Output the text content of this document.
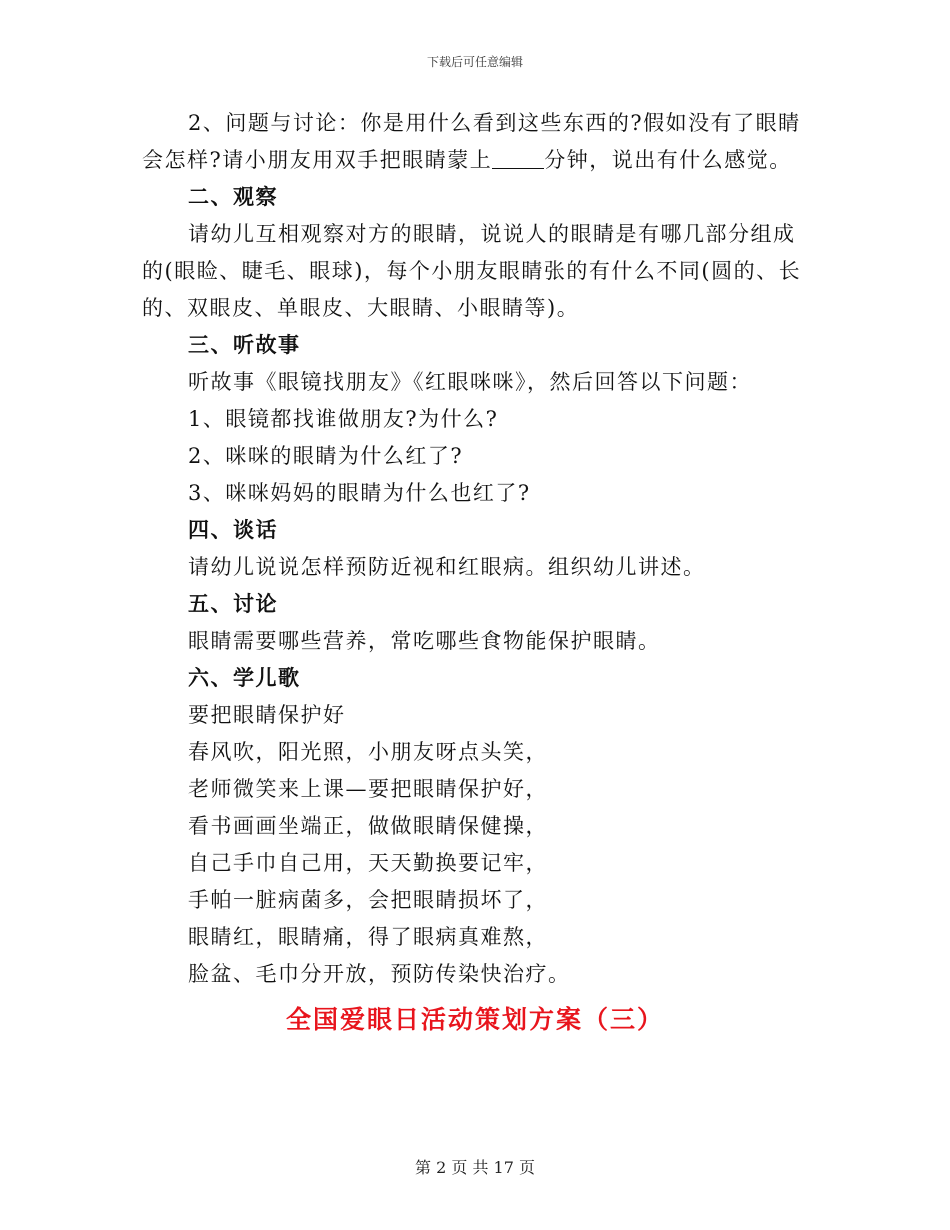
下载后可任意编辑

2、问题与讨论：你是用什么看到这些东西的?假如没有了眼睛会怎样?请小朋友用双手把眼睛蒙上 分钟，说出有什么感觉。

二、观察

请幼儿互相观察对方的眼睛，说说人的眼睛是有哪几部分组成的(眼睑、睫毛、眼球)，每个小朋友眼睛张的有什么不同(圆的、长的、双眼皮、单眼皮、大眼睛、小眼睛等)。

三、听故事

听故事《眼镜找朋友》《红眼咪咪》，然后回答以下问题：

1、眼镜都找谁做朋友?为什么?

2、咪咪的眼睛为什么红了?

3、咪咪妈妈的眼睛为什么也红了?

四、谈话

请幼儿说说怎样预防近视和红眼病。组织幼儿讲述。

五、讨论

眼睛需要哪些营养，常吃哪些食物能保护眼睛。

六、学儿歌

要把眼睛保护好

春风吹，阳光照，小朋友呀点头笑，

老师微笑来上课—要把眼睛保护好，

看书画画坐端正，做做眼睛保健操，

自己手巾自己用，天天勤换要记牢，

手帕一脏病菌多，会把眼睛损坏了，

眼睛红，眼睛痛，得了眼病真难熬，

脸盆、毛巾分开放，预防传染快治疗。

全国爱眼日活动策划方案（三）
第 2 页 共 17 页
